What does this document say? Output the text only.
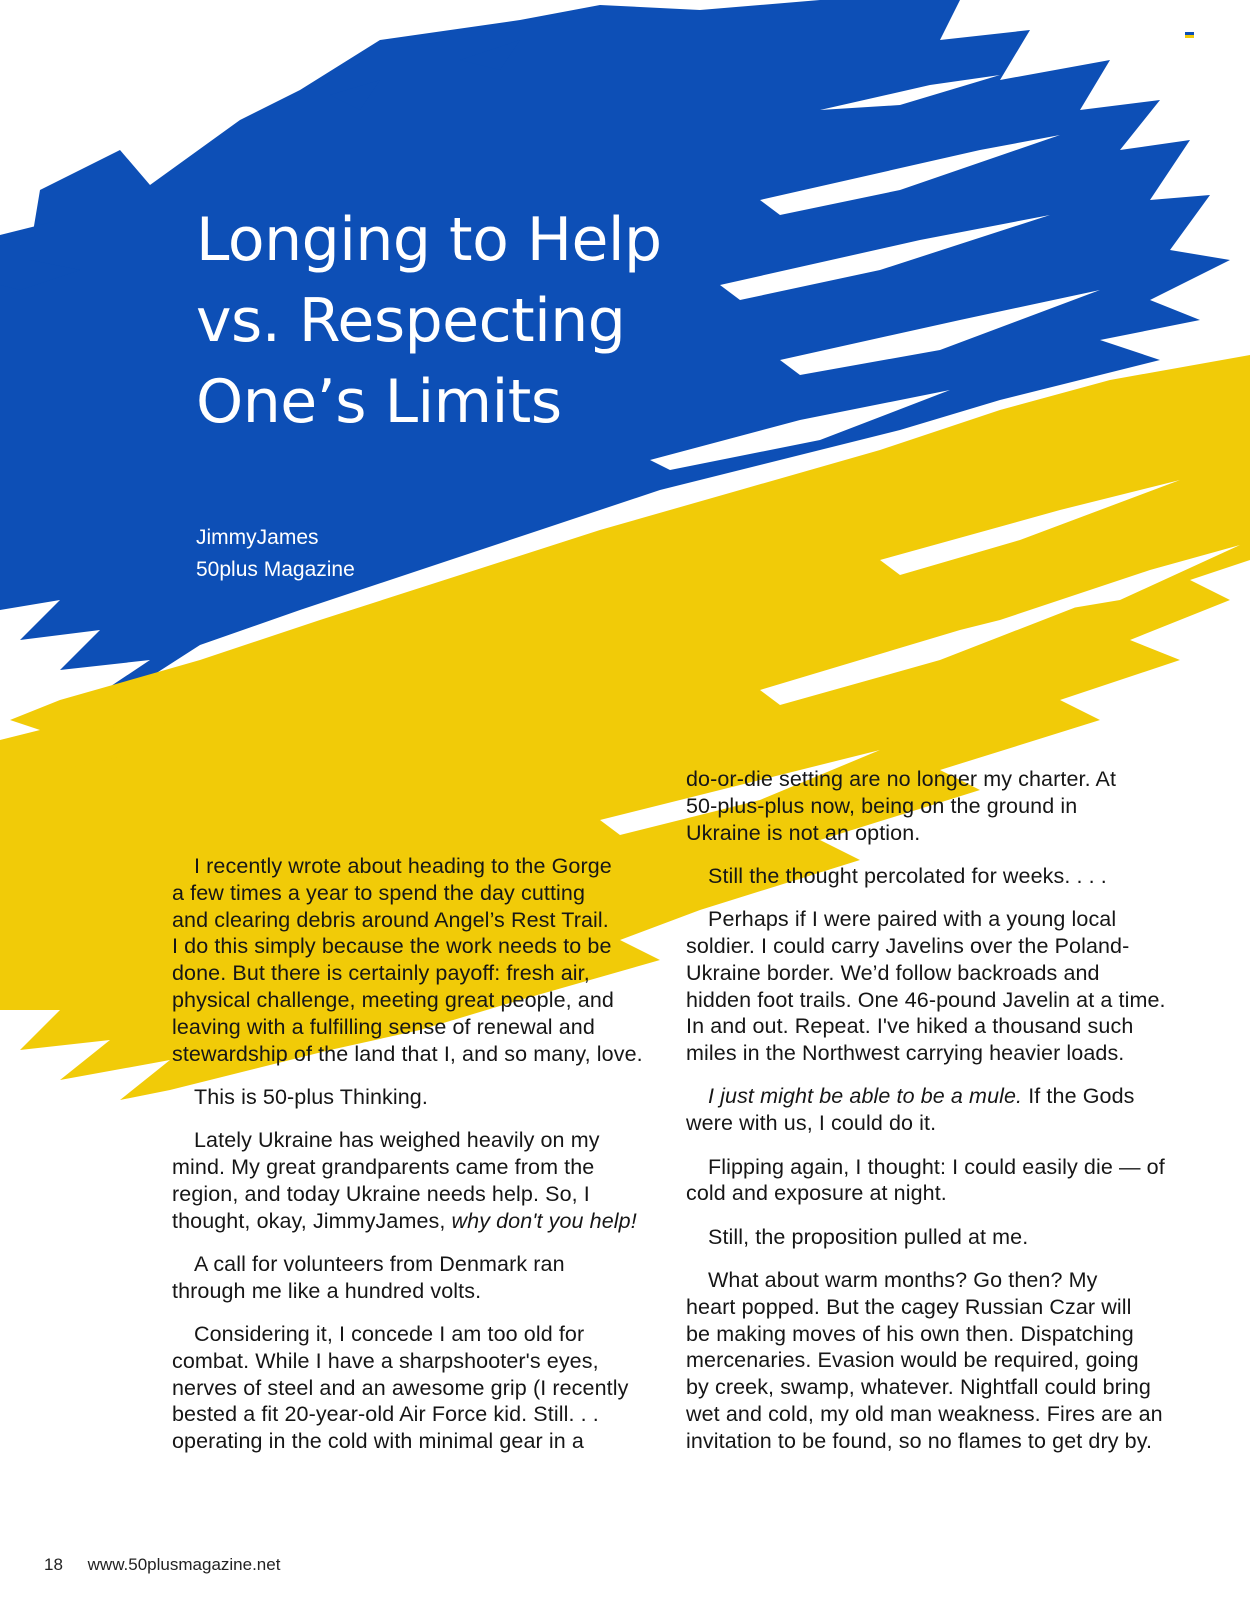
Longing to Help
vs. Respecting
One’s Limits
JimmyJames
50plus Magazine

I recently wrote about heading to the Gorge
a few times a year to spend the day cutting
and clearing debris around Angel’s Rest Trail.
I do this simply because the work needs to be
done. But there is certainly payoff: fresh air,
physical challenge, meeting great people, and
leaving with a fulfilling sense of renewal and
stewardship of the land that I, and so many, love.

This is 50-plus Thinking.

Lately Ukraine has weighed heavily on my
mind. My great grandparents came from the
region, and today Ukraine needs help. So, I
thought, okay, JimmyJames, why don't you help!

A call for volunteers from Denmark ran
through me like a hundred volts.

Considering it, I concede I am too old for
combat. While I have a sharpshooter's eyes,
nerves of steel and an awesome grip (I recently
bested a fit 20-year-old Air Force kid. Still. . .
operating in the cold with minimal gear in a

do-or-die setting are no longer my charter. At
50-plus-plus now, being on the ground in
Ukraine is not an option.

Still the thought percolated for weeks. . . .

Perhaps if I were paired with a young local
soldier. I could carry Javelins over the Poland-
Ukraine border. We’d follow backroads and
hidden foot trails. One 46-pound Javelin at a time.
In and out. Repeat. I've hiked a thousand such
miles in the Northwest carrying heavier loads.

I just might be able to be a mule. If the Gods
were with us, I could do it.

Flipping again, I thought: I could easily die — of
cold and exposure at night.

Still, the proposition pulled at me.

What about warm months? Go then? My
heart popped. But the cagey Russian Czar will
be making moves of his own then. Dispatching
mercenaries. Evasion would be required, going
by creek, swamp, whatever. Nightfall could bring
wet and cold, my old man weakness. Fires are an
invitation to be found, so no flames to get dry by.

18 www.50plusmagazine.net
